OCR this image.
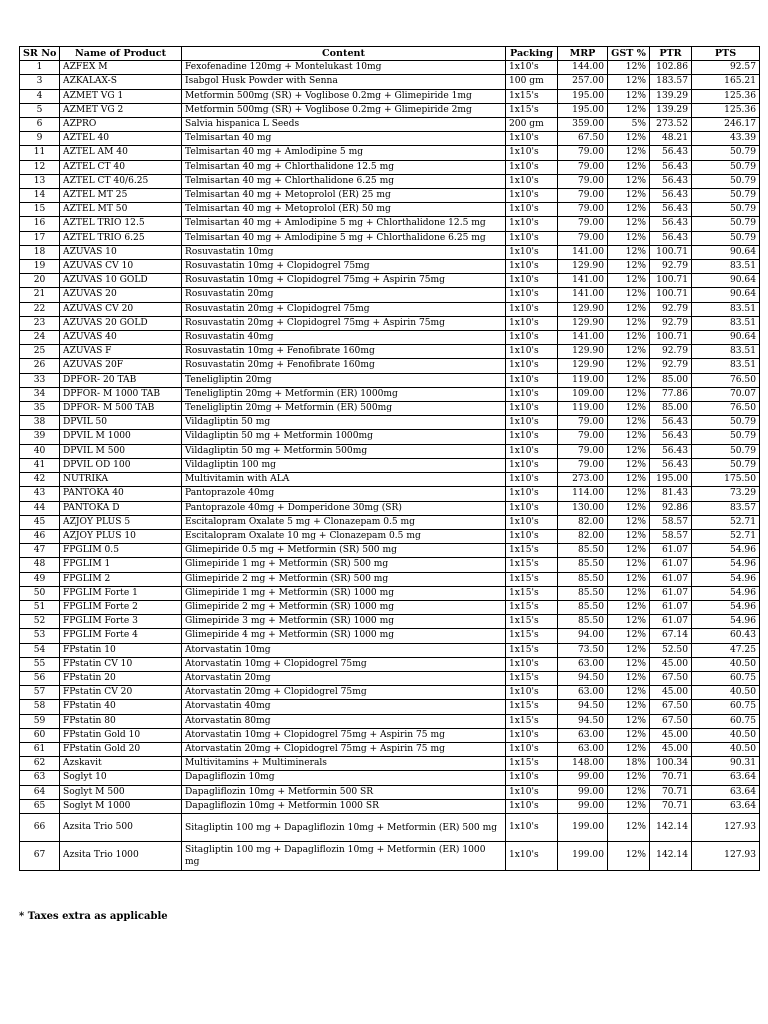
SR No	Name of Product	Content	Packing	MRP	GST %	PTR	PTS
1	AZFEX M	Fexofenadine 120mg + Montelukast 10mg	1x10's	144.00	12%	102.86	92.57
3	AZKALAX-S	Isabgol Husk Powder with Senna	100 gm	257.00	12%	183.57	165.21
4	AZMET VG 1	Metformin 500mg (SR) + Voglibose 0.2mg + Glimepiride 1mg	1x15's	195.00	12%	139.29	125.36
5	AZMET VG 2	Metformin 500mg (SR) + Voglibose 0.2mg + Glimepiride 2mg	1x15's	195.00	12%	139.29	125.36
6	AZPRO	Salvia hispanica L Seeds	200 gm	359.00	5%	273.52	246.17
9	AZTEL 40	Telmisartan 40 mg	1x10's	67.50	12%	48.21	43.39
11	AZTEL AM 40	Telmisartan 40 mg + Amlodipine 5 mg	1x10's	79.00	12%	56.43	50.79
12	AZTEL CT 40	Telmisartan 40 mg + Chlorthalidone 12.5 mg	1x10's	79.00	12%	56.43	50.79
13	AZTEL CT 40/6.25	Telmisartan 40 mg + Chlorthalidone 6.25 mg	1x10's	79.00	12%	56.43	50.79
14	AZTEL MT 25	Telmisartan 40 mg + Metoprolol (ER) 25 mg	1x10's	79.00	12%	56.43	50.79
15	AZTEL MT 50	Telmisartan 40 mg + Metoprolol (ER) 50 mg	1x10's	79.00	12%	56.43	50.79
16	AZTEL TRIO 12.5	Telmisartan 40 mg + Amlodipine 5 mg + Chlorthalidone 12.5 mg	1x10's	79.00	12%	56.43	50.79
17	AZTEL TRIO 6.25	Telmisartan 40 mg + Amlodipine 5 mg + Chlorthalidone 6.25 mg	1x10's	79.00	12%	56.43	50.79
18	AZUVAS 10	Rosuvastatin 10mg	1x10's	141.00	12%	100.71	90.64
19	AZUVAS CV 10	Rosuvastatin 10mg + Clopidogrel 75mg	1x10's	129.90	12%	92.79	83.51
20	AZUVAS 10 GOLD	Rosuvastatin 10mg + Clopidogrel 75mg + Aspirin 75mg	1x10's	141.00	12%	100.71	90.64
21	AZUVAS 20	Rosuvastatin 20mg	1x10's	141.00	12%	100.71	90.64
22	AZUVAS CV 20	Rosuvastatin 20mg + Clopidogrel 75mg	1x10's	129.90	12%	92.79	83.51
23	AZUVAS 20 GOLD	Rosuvastatin 20mg + Clopidogrel 75mg + Aspirin 75mg	1x10's	129.90	12%	92.79	83.51
24	AZUVAS 40	Rosuvastatin 40mg	1x10's	141.00	12%	100.71	90.64
25	AZUVAS F	Rosuvastatin 10mg + Fenofibrate 160mg	1x10's	129.90	12%	92.79	83.51
26	AZUVAS 20F	Rosuvastatin 20mg + Fenofibrate 160mg	1x10's	129.90	12%	92.79	83.51
33	DPFOR- 20 TAB	Teneligliptin 20mg	1x10's	119.00	12%	85.00	76.50
34	DPFOR- M 1000 TAB	Teneligliptin 20mg + Metformin (ER) 1000mg	1x10's	109.00	12%	77.86	70.07
35	DPFOR- M 500 TAB	Teneligliptin 20mg + Metformin (ER) 500mg	1x10's	119.00	12%	85.00	76.50
38	DPVIL 50	Vildagliptin 50 mg	1x10's	79.00	12%	56.43	50.79
39	DPVIL M 1000	Vildagliptin 50 mg + Metformin 1000mg	1x10's	79.00	12%	56.43	50.79
40	DPVIL M 500	Vildagliptin 50 mg + Metformin 500mg	1x10's	79.00	12%	56.43	50.79
41	DPVIL OD 100	Vildagliptin 100 mg	1x10's	79.00	12%	56.43	50.79
42	NUTRIKA	Multivitamin with ALA	1x10's	273.00	12%	195.00	175.50
43	PANTOKA 40	Pantoprazole 40mg	1x10's	114.00	12%	81.43	73.29
44	PANTOKA D	Pantoprazole 40mg + Domperidone 30mg (SR)	1x10's	130.00	12%	92.86	83.57
45	AZJOY PLUS 5	Escitalopram Oxalate 5 mg + Clonazepam 0.5 mg	1x10's	82.00	12%	58.57	52.71
46	AZJOY PLUS 10	Escitalopram Oxalate 10 mg + Clonazepam 0.5 mg	1x10's	82.00	12%	58.57	52.71
47	FPGLIM 0.5	Glimepiride 0.5 mg + Metformin (SR) 500 mg	1x15's	85.50	12%	61.07	54.96
48	FPGLIM 1	Glimepiride 1 mg + Metformin (SR) 500 mg	1x15's	85.50	12%	61.07	54.96
49	FPGLIM 2	Glimepiride 2 mg + Metformin (SR) 500 mg	1x15's	85.50	12%	61.07	54.96
50	FPGLIM Forte 1	Glimepiride 1 mg + Metformin (SR) 1000 mg	1x15's	85.50	12%	61.07	54.96
51	FPGLIM Forte 2	Glimepiride 2 mg + Metformin (SR) 1000 mg	1x15's	85.50	12%	61.07	54.96
52	FPGLIM Forte 3	Glimepiride 3 mg + Metformin (SR) 1000 mg	1x15's	85.50	12%	61.07	54.96
53	FPGLIM Forte 4	Glimepiride 4 mg + Metformin (SR) 1000 mg	1x15's	94.00	12%	67.14	60.43
54	FPstatin 10	Atorvastatin 10mg	1x15's	73.50	12%	52.50	47.25
55	FPstatin CV 10	Atorvastatin 10mg + Clopidogrel 75mg	1x10's	63.00	12%	45.00	40.50
56	FPstatin 20	Atorvastatin 20mg	1x15's	94.50	12%	67.50	60.75
57	FPstatin CV 20	Atorvastatin 20mg + Clopidogrel 75mg	1x10's	63.00	12%	45.00	40.50
58	FPstatin 40	Atorvastatin 40mg	1x15's	94.50	12%	67.50	60.75
59	FPstatin 80	Atorvastatin 80mg	1x15's	94.50	12%	67.50	60.75
60	FPstatin Gold 10	Atorvastatin 10mg + Clopidogrel 75mg + Aspirin 75 mg	1x10's	63.00	12%	45.00	40.50
61	FPstatin Gold 20	Atorvastatin 20mg + Clopidogrel 75mg + Aspirin 75 mg	1x10's	63.00	12%	45.00	40.50
62	Azskavit	Multivitamins + Multiminerals	1x15's	148.00	18%	100.34	90.31
63	Soglyt 10	Dapagliflozin 10mg	1x10's	99.00	12%	70.71	63.64
64	Soglyt M 500	Dapagliflozin 10mg + Metformin 500 SR	1x10's	99.00	12%	70.71	63.64
65	Soglyt M 1000	Dapagliflozin 10mg + Metformin 1000 SR	1x10's	99.00	12%	70.71	63.64
66	Azsita Trio 500	Sitagliptin 100 mg + Dapagliflozin 10mg + Metformin (ER) 500 mg	1x10's	199.00	12%	142.14	127.93
67	Azsita Trio 1000	Sitagliptin 100 mg + Dapagliflozin 10mg + Metformin (ER) 1000 mg	1x10's	199.00	12%	142.14	127.93
* Taxes extra as applicable
